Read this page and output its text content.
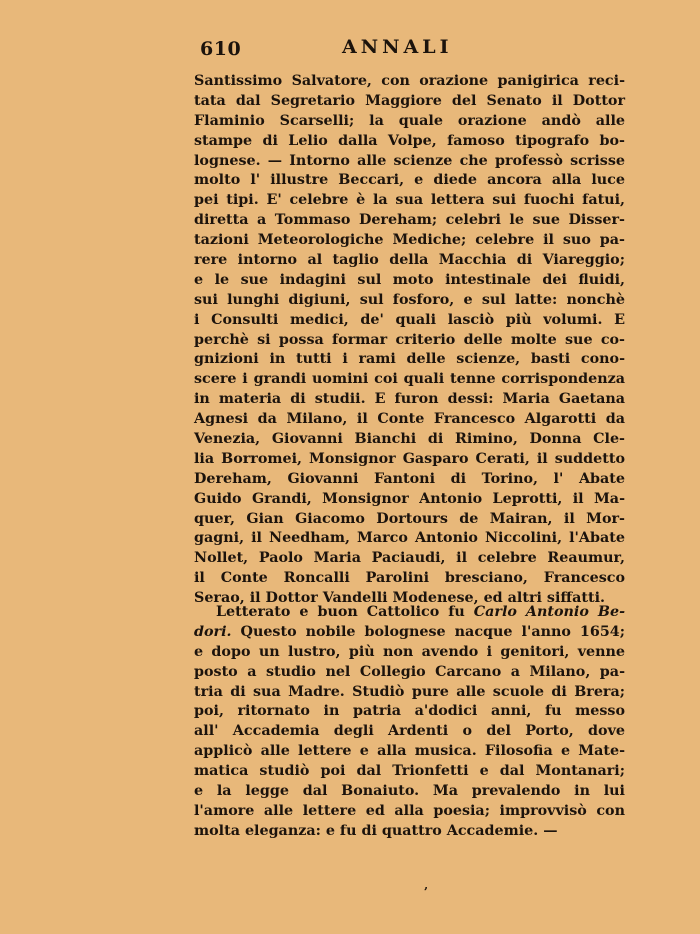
610	ANNALI
Santissimo Salvatore, con orazione panigirica reci-
tata dal Segretario Maggiore del Senato il Dottor
Flaminio Scarselli; la quale orazione andò alle
stampe di Lelio dalla Volpe, famoso tipografo bo-
lognese. — Intorno alle scienze che professò scrisse
molto l' illustre Beccari, e diede ancora alla luce
pei tipi. E' celebre è la sua lettera sui fuochi fatui,
diretta a Tommaso Dereham; celebri le sue Disser-
tazioni Meteorologiche Mediche; celebre il suo pa-
rere intorno al taglio della Macchia di Viareggio;
e le sue indagini sul moto intestinale dei fluidi,
sui lunghi digiuni, sul fosforo, e sul latte: nonchè
i Consulti medici, de' quali lasciò più volumi. E
perchè si possa formar criterio delle molte sue co-
gnizioni in tutti i rami delle scienze, basti cono-
scere i grandi uomini coi quali tenne corrispondenza
in materia di studii. E furon dessi: Maria Gaetana
Agnesi da Milano, il Conte Francesco Algarotti da
Venezia, Giovanni Bianchi di Rimino, Donna Cle-
lia Borromei, Monsignor Gasparo Cerati, il suddetto
Dereham, Giovanni Fantoni di Torino, l' Abate
Guido Grandi, Monsignor Antonio Leprotti, il Ma-
quer, Gian Giacomo Dortours de Mairan, il Mor-
gagni, il Needham, Marco Antonio Niccolini, l'Abate
Nollet, Paolo Maria Paciaudi, il celebre Reaumur,
il Conte Roncalli Parolini bresciano, Francesco
Serao, il Dottor Vandelli Modenese, ed altri siffatti.
Letterato e buon Cattolico fu Carlo Antonio Be-
dori. Questo nobile bolognese nacque l'anno 1654;
e dopo un lustro, più non avendo i genitori, venne
posto a studio nel Collegio Carcano a Milano, pa-
tria di sua Madre. Studiò pure alle scuole di Brera;
poi, ritornato in patria a'dodici anni, fu messo
all' Accademia degli Ardenti o del Porto, dove
applicò alle lettere e alla musica. Filosofia e Mate-
matica studiò poi dal Trionfetti e dal Montanari;
e la legge dal Bonaiuto. Ma prevalendo in lui
l'amore alle lettere ed alla poesia; improvvisò con
molta eleganza: e fu di quattro Accademie. —
‚
